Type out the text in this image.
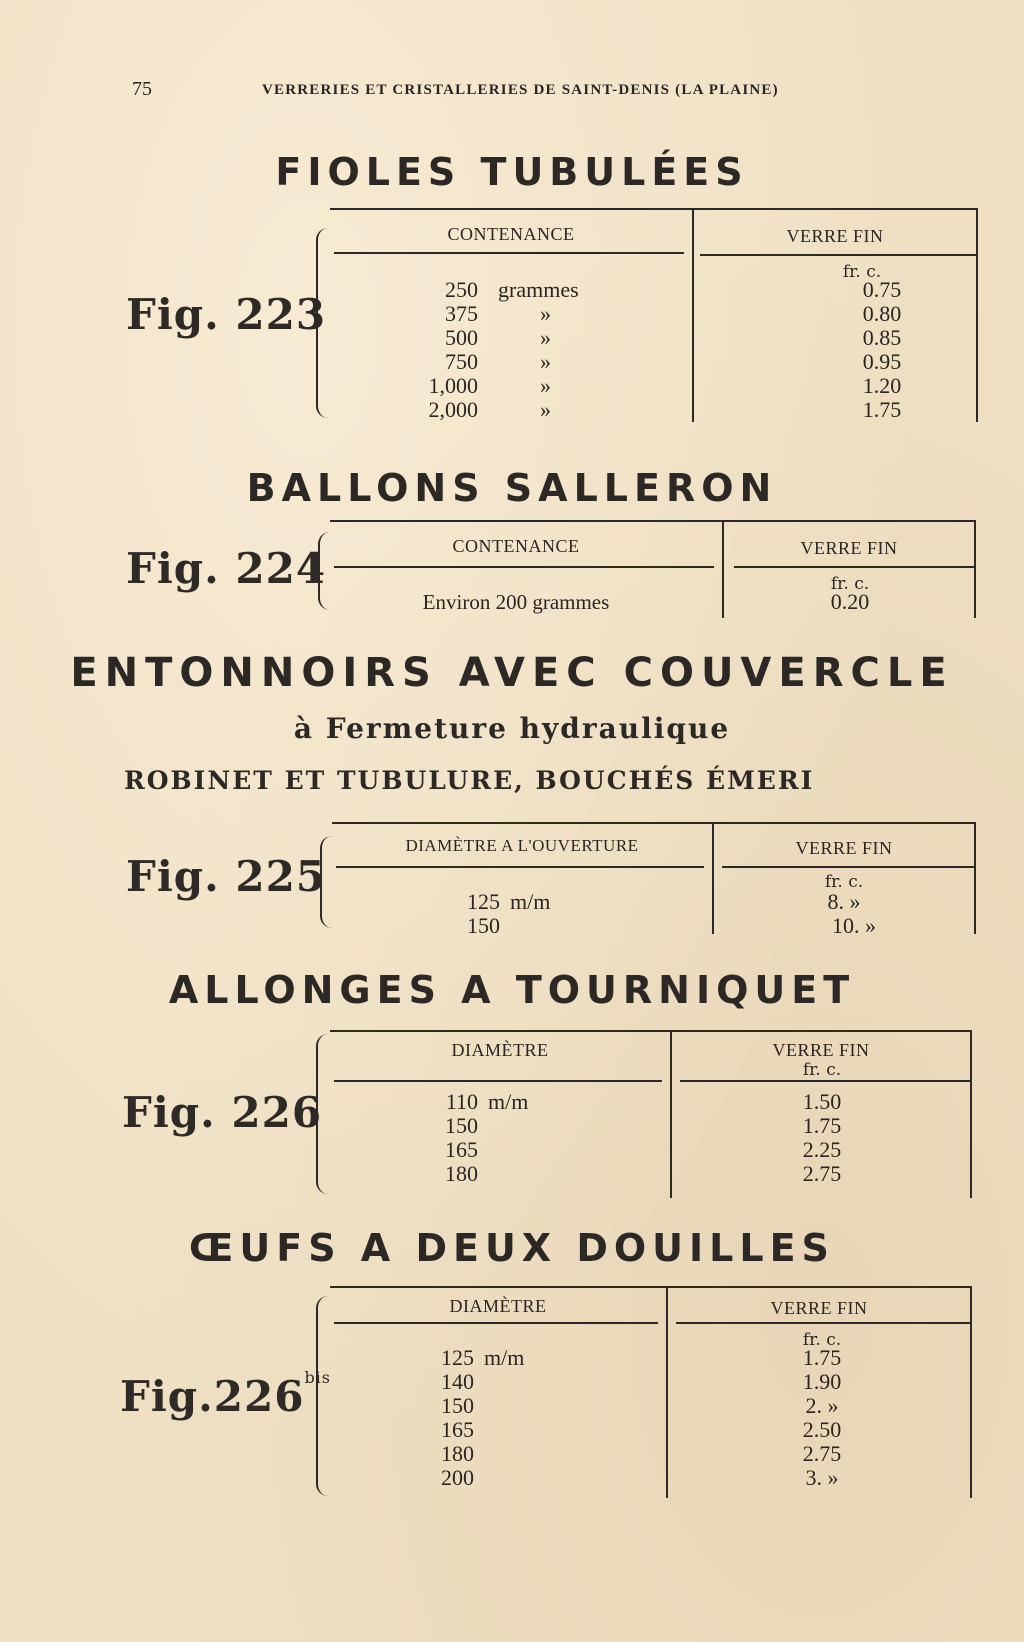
75	VERRERIES ET CRISTALLERIES DE SAINT-DENIS (LA PLAINE)
FIOLES TUBULÉES
Fig. 223
CONTENANCE	VERRE FIN
fr. c.
250 grammes	0.75
375	»	0.80
500	»	0.85
750	»	0.95
1,000	»	1.20
2,000	»	1.75
BALLONS SALLERON
Fig. 224	CONTENANCE	VERRE FIN
fr. c.
Environ 200 grammes	0.20
ENTONNOIRS AVEC COUVERCLE
à Fermeture hydraulique
ROBINET ET TUBULURE, BOUCHÉS ÉMERI
Fig. 225
DIAMÈTRE A L'OUVERTURE	VERRE FIN
fr. c.
125 m/m	8. »
150	10. »
ALLONGES A TOURNIQUET
Fig. 226
DIAMÈTRE	VERRE FIN
fr. c.
110 m/m	1.50
150	1.75
165	2.25
180	2.75
ŒUFS A DEUX DOUILLES
$Fig.226^{bis}$
DIAMÈTRE	VERRE FIN
fr. c.
125 m/m	1.75
140	1.90
150	2. »
165	2.50
180	2.75
200	3. »
